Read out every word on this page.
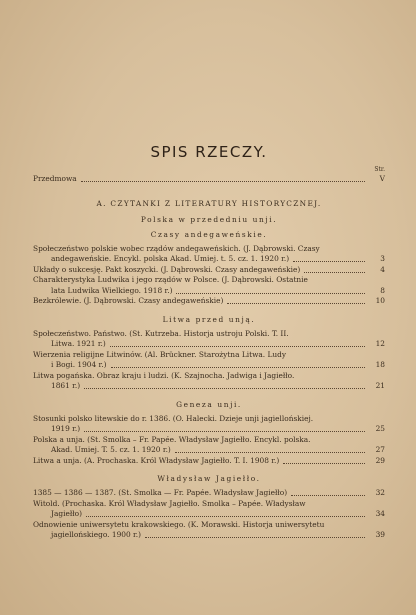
SPIS RZECZY.
Str.
Przedmowa	V
A. CZYTANKI Z LITERATURY HISTORYCZNEJ.
Polska w przededniu unji.
Czasy andegaweńskie.
Społeczeństwo polskie wobec rządów andegaweńskich. (J. Dąbrowski. Czasy
andegaweńskie. Encykl. polska Akad. Umiej. t. 5. cz. 1. 1920 r.)	3
Układy o sukcesję. Pakt koszycki. (J. Dąbrowski. Czasy andegaweńskie)	4
Charakterystyka Ludwika i jego rządów w Polsce. (J. Dąbrowski. Ostatnie
lata Ludwika Wielkiego. 1918 r.)	8
Bezkrólewie. (J. Dąbrowski. Czasy andegaweńskie)	10
Litwa przed unją.
Społeczeństwo. Państwo. (St. Kutrzeba. Historja ustroju Polski. T. II.
Litwa. 1921 r.)	12
Wierzenia religijne Litwinów. (Al. Brückner. Starożytna Litwa. Ludy
i Bogi. 1904 r.)	18
Litwa pogańska. Obraz kraju i ludzi. (K. Szajnocha. Jadwiga i Jagiełło.
1861 r.)	21
Geneza unji.
Stosunki polsko litewskie do r. 1386. (O. Halecki. Dzieje unji jagiellońskiej.
1919 r.)	25
Polska a unja. (St. Smolka – Fr. Papée. Władysław Jagiełło. Encykl. polska.
Akad. Umiej. T. 5. cz. 1. 1920 r.)	27
Litwa a unja. (A. Prochaska. Król Władysław Jagiełło. T. I. 1908 r.)	29
Władysław Jagiełło.
1385 — 1386 — 1387. (St. Smolka — Fr. Papée. Władysław Jagiełło)	32
Witold. (Prochaska. Król Władysław Jagiełło. Smolka – Papée. Władysław
Jagiełło)	34
Odnowienie uniwersytetu krakowskiego. (K. Morawski. Historja uniwersytetu
jagiellońskiego. 1900 r.)	39
